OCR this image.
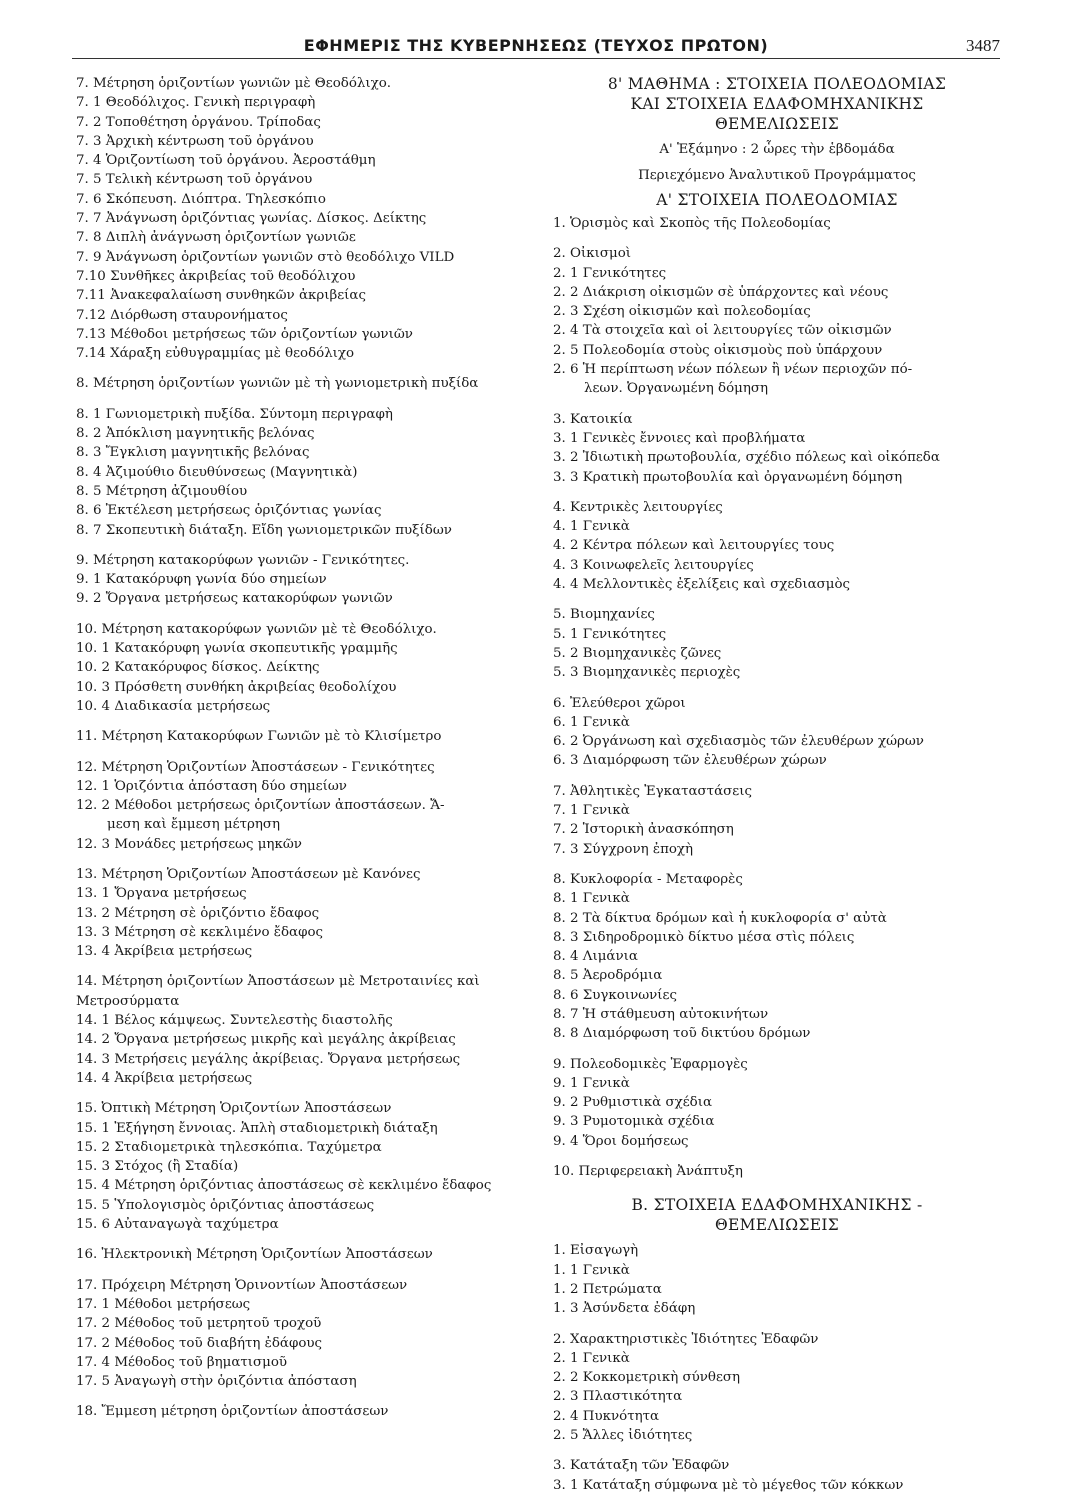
ΕΦΗΜΕΡΙΣ ΤΗΣ ΚΥΒΕΡΝΗΣΕΩΣ (ΤΕΥΧΟΣ ΠΡΩΤΟΝ)	3487
7. Μέτρηση ὁριζοντίων γωνιῶν μὲ Θεοδόλιχο.
7. 1 Θεοδόλιχος. Γενικὴ περιγραφὴ
7. 2 Τοποθέτηση ὀργάνου. Τρίποδας
7. 3 Ἀρχικὴ κέντρωση τοῦ ὀργάνου
7. 4 Ὁριζοντίωση τοῦ ὀργάνου. Ἀεροστάθμη
7. 5 Τελικὴ κέντρωση τοῦ ὀργάνου
7. 6 Σκόπευση. Διόπτρα. Τηλεσκόπιο
7. 7 Ἀνάγνωση ὁριζόντιας γωνίας. Δίσκος. Δείκτης
7. 8 Διπλὴ ἀνάγνωση ὁριζοντίων γωνιῶε
7. 9 Ἀνάγνωση ὁριζοντίων γωνιῶν στὸ θεοδόλιχο VILD
7.10 Συνθῆκες ἀκριβείας τοῦ θεοδόλιχου
7.11 Ἀνακεφαλαίωση συνθηκῶν ἀκριβείας
7.12 Διόρθωση σταυρονήματος
7.13 Μέθοδοι μετρήσεως τῶν ὁριζοντίων γωνιῶν
7.14 Χάραξη εὐθυγραμμίας μὲ θεοδόλιχο
8. Μέτρηση ὁριζοντίων γωνιῶν μὲ τὴ γωνιομετρικὴ πυξίδα
8. 1 Γωνιομετρικὴ πυξίδα. Σύντομη περιγραφὴ
8. 2 Ἀπόκλιση μαγνητικῆς βελόνας
8. 3 Ἔγκλιση μαγνητικῆς βελόνας
8. 4 Ἀζιμούθιο διευθύνσεως (Μαγνητικὰ)
8. 5 Μέτρηση ἀζιμουθίου
8. 6 Ἐκτέλεση μετρήσεως ὁριζόντιας γωνίας
8. 7 Σκοπευτικὴ διάταξη. Εἴδη γωνιομετρικῶν πυξίδων
9. Μέτρηση κατακορύφων γωνιῶν - Γενικότητες.
9. 1 Κατακόρυφη γωνία δύο σημείων
9. 2 Ὄργανα μετρήσεως κατακορύφων γωνιῶν
10. Μέτρηση κατακορύφων γωνιῶν μὲ τὲ Θεοδόλιχο.
10. 1 Κατακόρυφη γωνία σκοπευτικῆς γραμμῆς
10. 2 Κατακόρυφος δίσκος. Δείκτης
10. 3 Πρόσθετη συνθήκη ἀκριβείας θεοδολίχου
10. 4 Διαδικασία μετρήσεως
11. Μέτρηση Κατακορύφων Γωνιῶν μὲ τὸ Κλισίμετρο
12. Μέτρηση Ὁριζοντίων Ἀποστάσεων - Γενικότητες
12. 1 Ὁριζόντια ἀπόσταση δύο σημείων
12. 2 Μέθοδοι μετρήσεως ὁριζοντίων ἀποστάσεων. Ἄ-
μεση καὶ ἔμμεση μέτρηση
12. 3 Μονάδες μετρήσεως μηκῶν
13. Μέτρηση Ὁριζοντίων Ἀποστάσεων μὲ Κανόνες
13. 1 Ὄργανα μετρήσεως
13. 2 Μέτρηση σὲ ὁριζόντιο ἔδαφος
13. 3 Μέτρηση σὲ κεκλιμένο ἔδαφος
13. 4 Ἀκρίβεια μετρήσεως
14. Μέτρηση ὁριζοντίων Ἀποστάσεων μὲ Μετροταινίες καὶ Μετροσύρματα
14. 1 Βέλος κάμψεως. Συντελεστὴς διαστολῆς
14. 2 Ὄργανα μετρήσεως μικρῆς καὶ μεγάλης ἀκρίβειας
14. 3 Μετρήσεις μεγάλης ἀκρίβειας. Ὄργανα μετρήσεως
14. 4 Ἀκρίβεια μετρήσεως
15. Ὀπτικὴ Μέτρηση Ὁριζοντίων Ἀποστάσεων
15. 1 Ἐξήγηση ἔννοιας. Ἁπλὴ σταδιομετρικὴ διάταξη
15. 2 Σταδιομετρικὰ τηλεσκόπια. Ταχύμετρα
15. 3 Στόχος (ἢ Σταδία)
15. 4 Μέτρηση ὁριζόντιας ἀποστάσεως σὲ κεκλιμένο ἔδαφος
15. 5 Ὑπολογισμὸς ὁριζόντιας ἀποστάσεως
15. 6 Αὐταναγωγὰ ταχύμετρα
16. Ἠλεκτρονικὴ Μέτρηση Ὁριζοντίων Ἀποστάσεων
17. Πρόχειρη Μέτρηση Ὁρινοντίων Ἀποστάσεων
17. 1 Μέθοδοι μετρήσεως
17. 2 Μέθοδος τοῦ μετρητοῦ τροχοῦ
17. 2 Μέθοδος τοῦ διαβήτη ἐδάφους
17. 4 Μέθοδος τοῦ βηματισμοῦ
17. 5 Ἀναγωγὴ στὴν ὁριζόντια ἀπόσταση
18. Ἔμμεση μέτρηση ὁριζοντίων ἀποστάσεων
8' ΜΑΘΗΜΑ : ΣΤΟΙΧΕΙΑ ΠΟΛΕΟΔΟΜΙΑΣ
ΚΑΙ ΣΤΟΙΧΕΙΑ ΕΔΑΦΟΜΗΧΑΝΙΚΗΣ
ΘΕΜΕΛΙΩΣΕΙΣ
Α' Ἑξάμηνο : 2 ὧρες τὴν ἑβδομάδα
Περιεχόμενο Ἀναλυτικοῦ Προγράμματος
Α' ΣΤΟΙΧΕΙΑ ΠΟΛΕΟΔΟΜΙΑΣ
1. Ὁρισμὸς καὶ Σκοπὸς τῆς Πολεοδομίας
2. Οἰκισμοὶ
2. 1 Γενικότητες
2. 2 Διάκριση οἰκισμῶν σὲ ὑπάρχοντες καὶ νέους
2. 3 Σχέση οἰκισμῶν καὶ πολεοδομίας
2. 4 Τὰ στοιχεῖα καὶ οἱ λειτουργίες τῶν οἰκισμῶν
2. 5 Πολεοδομία στοὺς οἰκισμοὺς ποὺ ὑπάρχουν
2. 6 Ἡ περίπτωση νέων πόλεων ἢ νέων περιοχῶν πό-
λεων. Ὀργανωμένη δόμηση
3. Κατοικία
3. 1 Γενικὲς ἔννοιες καὶ προβλήματα
3. 2 Ἰδιωτικὴ πρωτοβουλία, σχέδιο πόλεως καὶ οἰκόπεδα
3. 3 Κρατικὴ πρωτοβουλία καὶ ὀργανωμένη δόμηση
4. Κεντρικὲς λειτουργίες
4. 1 Γενικὰ
4. 2 Κέντρα πόλεων καὶ λειτουργίες τους
4. 3 Κοινωφελεῖς λειτουργίες
4. 4 Μελλοντικὲς ἐξελίξεις καὶ σχεδιασμὸς
5. Βιομηχανίες
5. 1 Γενικότητες
5. 2 Βιομηχανικὲς ζῶνες
5. 3 Βιομηχανικὲς περιοχὲς
6. Ἐλεύθεροι χῶροι
6. 1 Γενικὰ
6. 2 Ὀργάνωση καὶ σχεδιασμὸς τῶν ἐλευθέρων χώρων
6. 3 Διαμόρφωση τῶν ἐλευθέρων χώρων
7. Ἀθλητικὲς Ἐγκαταστάσεις
7. 1 Γενικὰ
7. 2 Ἱστορικὴ ἀνασκόπηση
7. 3 Σύγχρονη ἐποχὴ
8. Κυκλοφορία - Μεταφορὲς
8. 1 Γενικὰ
8. 2 Τὰ δίκτυα δρόμων καὶ ἡ κυκλοφορία σ' αὐτὰ
8. 3 Σιδηροδρομικὸ δίκτυο μέσα στὶς πόλεις
8. 4 Λιμάνια
8. 5 Ἀεροδρόμια
8. 6 Συγκοινωνίες
8. 7 Ἡ στάθμευση αὐτοκινήτων
8. 8 Διαμόρφωση τοῦ δικτύου δρόμων
9. Πολεοδομικὲς Ἐφαρμογὲς
9. 1 Γενικὰ
9. 2 Ρυθμιστικὰ σχέδια
9. 3 Ρυμοτομικὰ σχέδια
9. 4 Ὅροι δομήσεως
10. Περιφερειακὴ Ἀνάπτυξη
Β. ΣΤΟΙΧΕΙΑ ΕΔΑΦΟΜΗΧΑΝΙΚΗΣ -
ΘΕΜΕΛΙΩΣΕΙΣ
1. Εἰσαγωγὴ
1. 1 Γενικὰ
1. 2 Πετρώματα
1. 3 Ἀσύνδετα ἐδάφη
2. Χαρακτηριστικὲς Ἰδιότητες Ἐδαφῶν
2. 1 Γενικὰ
2. 2 Κοκκομετρικὴ σύνθεση
2. 3 Πλαστικότητα
2. 4 Πυκνότητα
2. 5 Ἄλλες ἰδιότητες
3. Κατάταξη τῶν Ἐδαφῶν
3. 1 Κατάταξη σύμφωνα μὲ τὸ μέγεθος τῶν κόκκων
